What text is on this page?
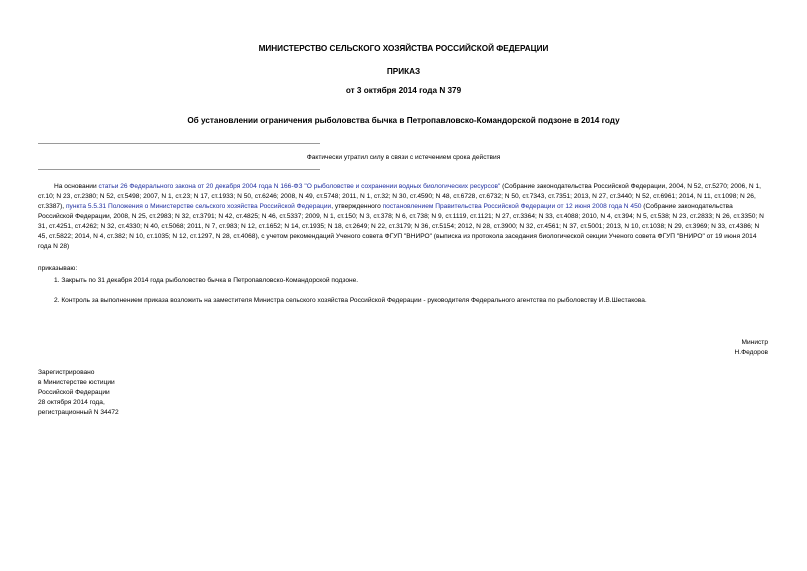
МИНИСТЕРСТВО СЕЛЬСКОГО ХОЗЯЙСТВА РОССИЙСКОЙ ФЕДЕРАЦИИ
ПРИКАЗ
от 3 октября 2014 года N 379
Об установлении ограничения рыболовства бычка в Петропавловско-Командорской подзоне в 2014 году
Фактически утратил силу в связи с истечением срока действия

На основании статьи 26 Федерального закона от 20 декабря 2004 года N 166-ФЗ "О рыболовстве и сохранении водных биологических ресурсов" (Собрание законодательства Российской Федерации, 2004, N 52, ст.5270; 2006, N 1, ст.10; N 23, ст.2380; N 52, ст.5498; 2007, N 1, ст.23; N 17, ст.1933; N 50, ст.6246; 2008, N 49, ст.5748; 2011, N 1, ст.32; N 30, ст.4590; N 48, ст.6728, ст.6732; N 50, ст.7343, ст.7351; 2013, N 27, ст.3440; N 52, ст.6961; 2014, N 11, ст.1098; N 26, ст.3387), пункта 5.5.31 Положения о Министерстве сельского хозяйства Российской Федерации, утвержденного постановлением Правительства Российской Федерации от 12 июня 2008 года N 450 (Собрание законодательства Российской Федерации, 2008, N 25, ст.2983; N 32, ст.3791; N 42, ст.4825; N 46, ст.5337; 2009, N 1, ст.150; N 3, ст.378; N 6, ст.738; N 9, ст.1119, ст.1121; N 27, ст.3364; N 33, ст.4088; 2010, N 4, ст.394; N 5, ст.538; N 23, ст.2833; N 26, ст.3350; N 31, ст.4251, ст.4262; N 32, ст.4330; N 40, ст.5068; 2011, N 7, ст.983; N 12, ст.1652; N 14, ст.1935; N 18, ст.2649; N 22, ст.3179; N 36, ст.5154; 2012, N 28, ст.3900; N 32, ст.4561; N 37, ст.5001; 2013, N 10, ст.1038; N 29, ст.3969; N 33, ст.4386; N 45, ст.5822; 2014, N 4, ст.382; N 10, ст.1035; N 12, ст.1297, N 28, ст.4068), с учетом рекомендаций Ученого совета ФГУП "ВНИРО" (выписка из протокола заседания биологической секции Ученого совета ФГУП "ВНИРО" от 19 июня 2014 года N 28)

приказываю:
1. Закрыть по 31 декабря 2014 года рыболовство бычка в Петропавловско-Командорской подзоне.
2. Контроль за выполнением приказа возложить на заместителя Министра сельского хозяйства Российской Федерации - руководителя Федерального агентства по рыболовству И.В.Шестакова.
Министр
Н.Федоров
Зарегистрировано
в Министерстве юстиции
Российской Федерации
28 октября 2014 года,
регистрационный N 34472
